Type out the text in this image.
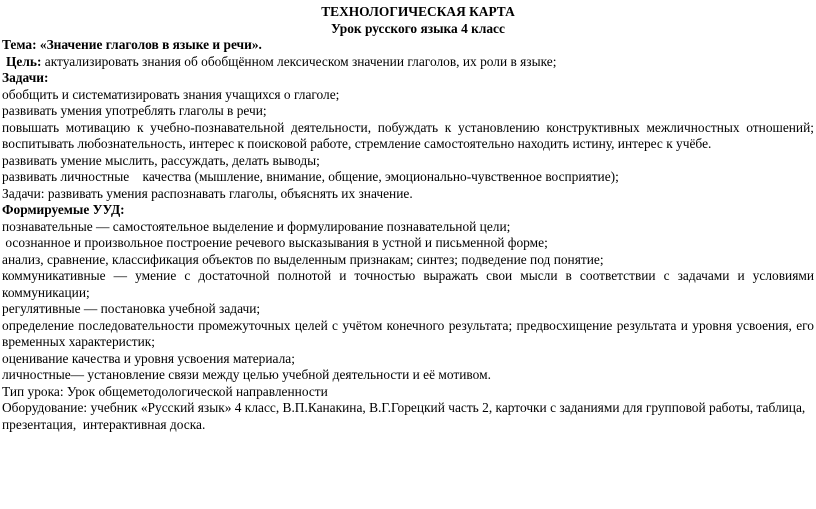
ТЕХНОЛОГИЧЕСКАЯ КАРТА

Урок русского языка 4 класс

Тема: «Значение глаголов в языке и речи».

Цель: актуализировать знания об обобщённом лексическом значении глаголов, их роли в языке;

Задачи:

обобщить и систематизировать знания учащихся о глаголе;

развивать умения употреблять глаголы в речи;

повышать мотивацию к учебно-познавательной деятельности, побуждать к установлению конструктивных межличностных отношений; воспитывать любознательность, интерес к поисковой работе, стремление самостоятельно находить истину, интерес к учёбе.

развивать умение мыслить, рассуждать, делать выводы;

развивать личностные    качества (мышление, внимание, общение, эмоционально-чувственное восприятие);

Задачи: развивать умения распознавать глаголы, объяснять их значение.

Формируемые УУД:

познавательные — самостоятельное выделение и формулирование познавательной цели;

осознанное и произвольное построение речевого высказывания в устной и письменной форме;

анализ, сравнение, классификация объектов по выделенным признакам; синтез; подведение под понятие;

коммуникативные — умение с достаточной полнотой и точностью выражать свои мысли в соответствии с задачами и условиями коммуникации;

регулятивные — постановка учебной задачи;

определение последовательности промежуточных целей с учётом конечного результата; предвосхищение результата и уровня усвоения, его временных характеристик;

оценивание качества и уровня усвоения материала;

личностные— установление связи между целью учебной деятельности и её мотивом.

Тип урока: Урок общеметодологической направленности

Оборудование: учебник «Русский язык» 4 класс, В.П.Канакина, В.Г.Горецкий часть 2, карточки с заданиями для групповой работы, таблица, презентация,  интерактивная доска.
